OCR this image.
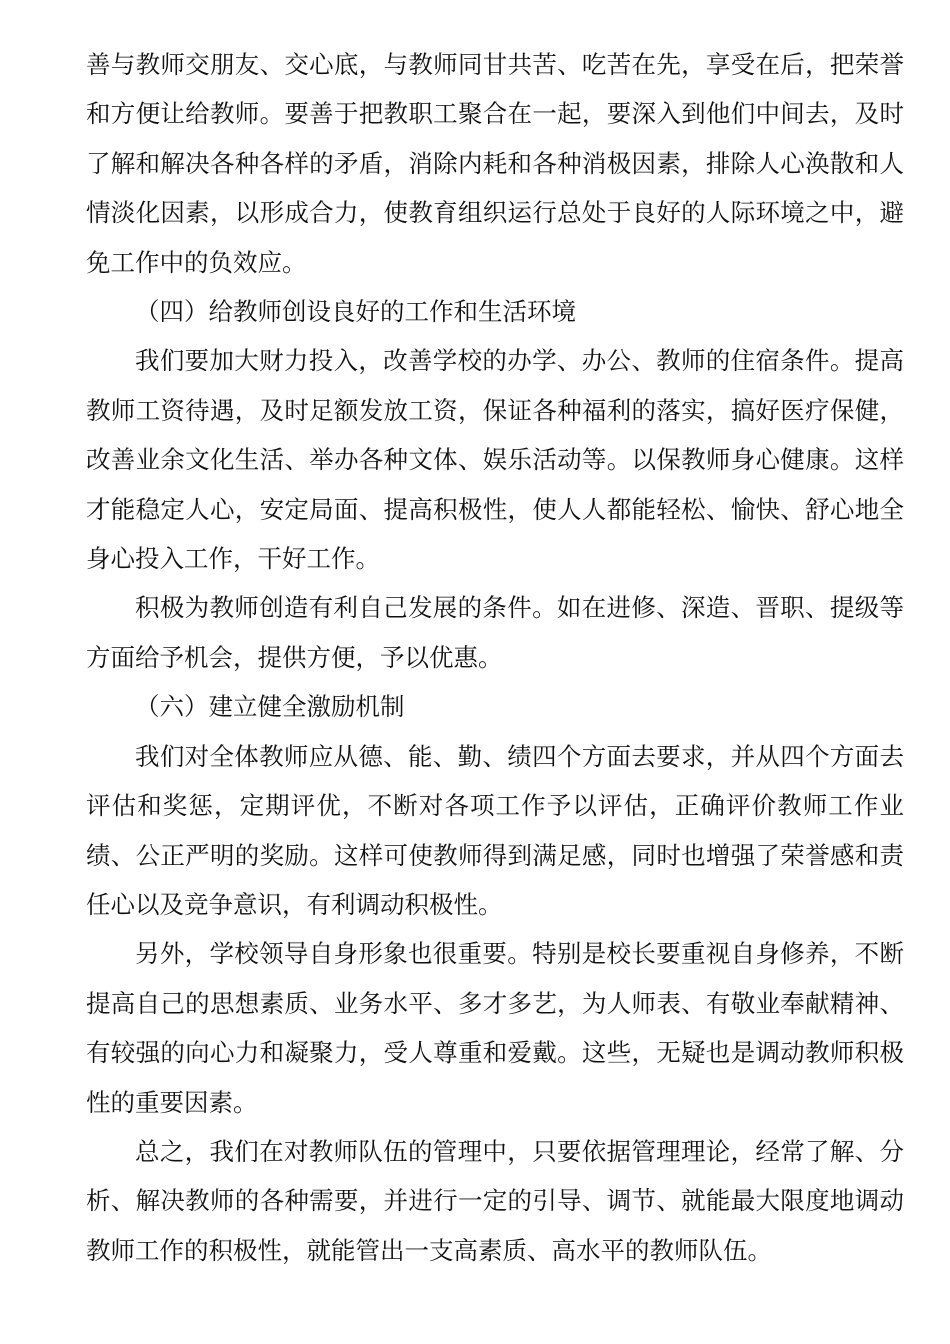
善与教师交朋友、交心底，与教师同甘共苦、吃苦在先，享受在后，把荣誉和方便让给教师。要善于把教职工聚合在一起，要深入到他们中间去，及时了解和解决各种各样的矛盾，消除内耗和各种消极因素，排除人心涣散和人情淡化因素，以形成合力，使教育组织运行总处于良好的人际环境之中，避免工作中的负效应。

（四）给教师创设良好的工作和生活环境

我们要加大财力投入，改善学校的办学、办公、教师的住宿条件。提高教师工资待遇，及时足额发放工资，保证各种福利的落实，搞好医疗保健，改善业余文化生活、举办各种文体、娱乐活动等。以保教师身心健康。这样才能稳定人心，安定局面、提高积极性，使人人都能轻松、愉快、舒心地全身心投入工作，干好工作。

积极为教师创造有利自己发展的条件。如在进修、深造、晋职、提级等方面给予机会，提供方便，予以优惠。

（六）建立健全激励机制

我们对全体教师应从德、能、勤、绩四个方面去要求，并从四个方面去评估和奖惩，定期评优，不断对各项工作予以评估，正确评价教师工作业绩、公正严明的奖励。这样可使教师得到满足感，同时也增强了荣誉感和责任心以及竞争意识，有利调动积极性。

另外，学校领导自身形象也很重要。特别是校长要重视自身修养，不断提高自己的思想素质、业务水平、多才多艺，为人师表、有敬业奉献精神、有较强的向心力和凝聚力，受人尊重和爱戴。这些，无疑也是调动教师积极性的重要因素。

总之，我们在对教师队伍的管理中，只要依据管理理论，经常了解、分析、解决教师的各种需要，并进行一定的引导、调节、就能最大限度地调动教师工作的积极性，就能管出一支高素质、高水平的教师队伍。
